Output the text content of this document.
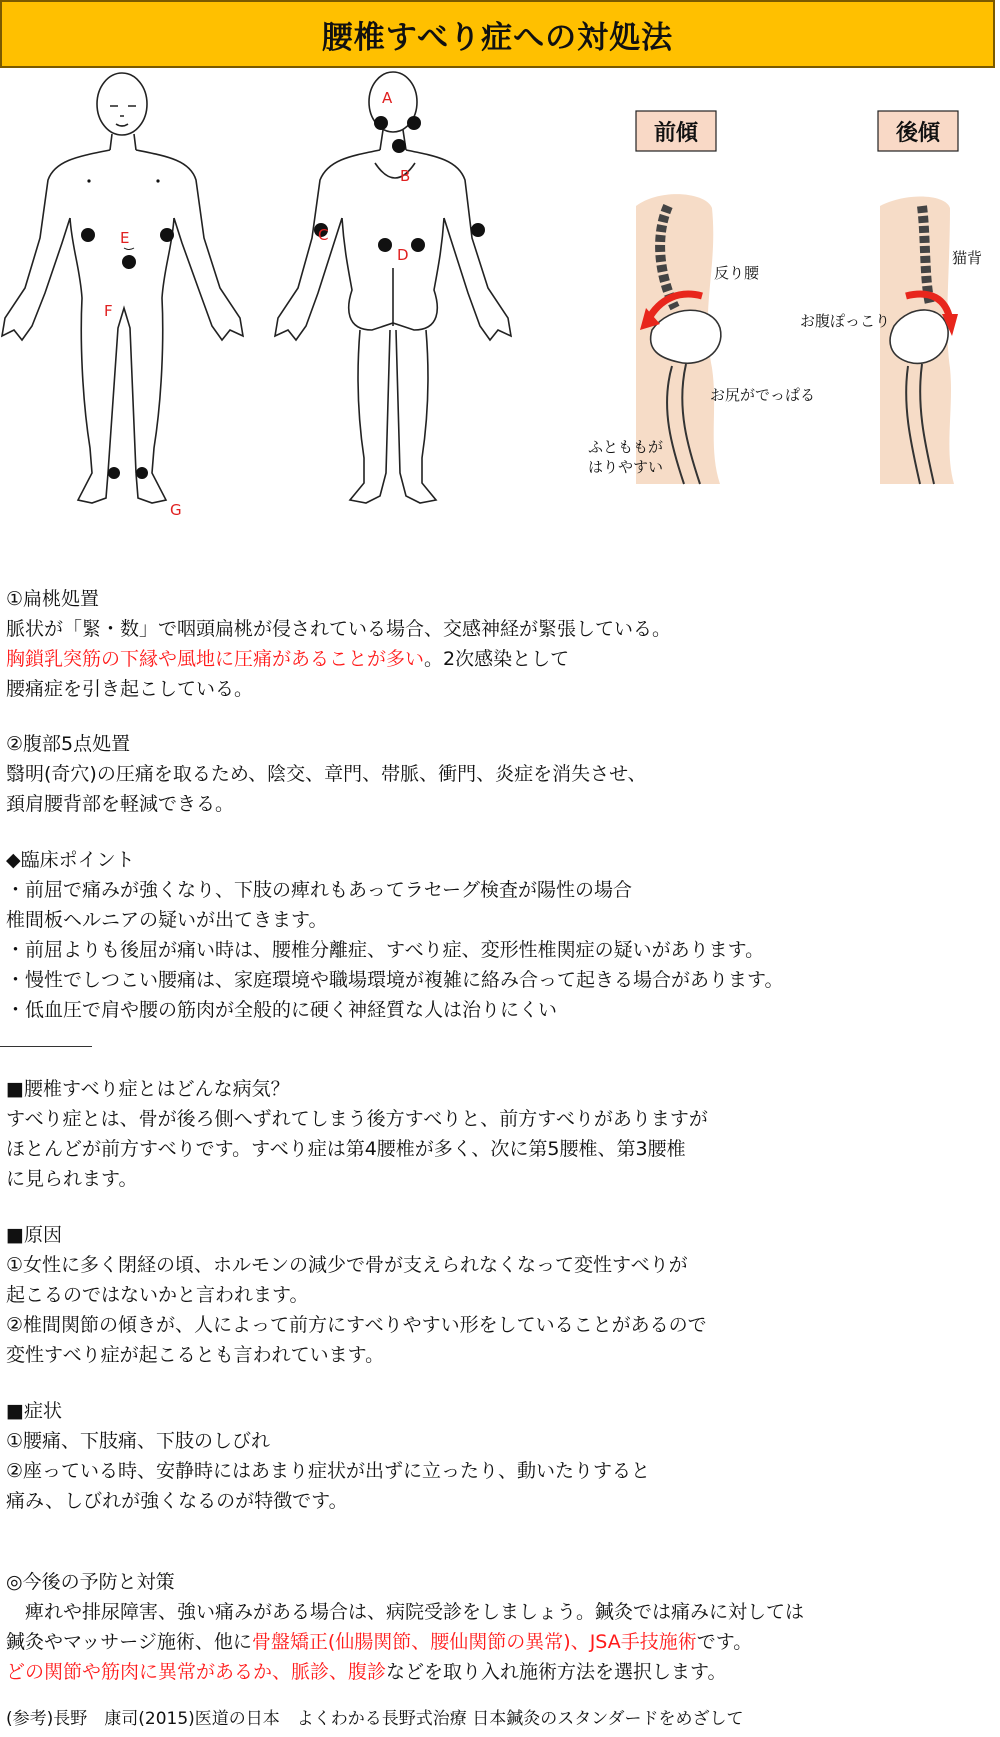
腰椎すべり症への対処法
E
F
G
A
B
C
D
前傾
反り腰
お尻がでっぱる
ふとももが
はりやすい
後傾
猫背
お腹ぽっこり

①扁桃処置

脈状が「緊・数」で咽頭扁桃が侵されている場合、交感神経が緊張している。

胸鎖乳突筋の下縁や風地に圧痛があることが多い。2次感染として

腰痛症を引き起こしている。

②腹部5点処置

翳明(奇穴)の圧痛を取るため、陰交、章門、帯脈、衝門、炎症を消失させ、

頚肩腰背部を軽減できる。

◆臨床ポイント

・前屈で痛みが強くなり、下肢の痺れもあってラセーグ検査が陽性の場合

椎間板ヘルニアの疑いが出てきます。

・前屈よりも後屈が痛い時は、腰椎分離症、すべり症、変形性椎関症の疑いがあります。

・慢性でしつこい腰痛は、家庭環境や職場環境が複雑に絡み合って起きる場合があります。

・低血圧で肩や腰の筋肉が全般的に硬く神経質な人は治りにくい

■腰椎すべり症とはどんな病気？

すべり症とは、骨が後ろ側へずれてしまう後方すべりと、前方すべりがありますが

ほとんどが前方すべりです。すべり症は第4腰椎が多く、次に第5腰椎、第3腰椎

に見られます。

■原因

①女性に多く閉経の頃、ホルモンの減少で骨が支えられなくなって変性すべりが

起こるのではないかと言われます。

②椎間関節の傾きが、人によって前方にすべりやすい形をしていることがあるので

変性すべり症が起こるとも言われています。

■症状

①腰痛、下肢痛、下肢のしびれ

②座っている時、安静時にはあまり症状が出ずに立ったり、動いたりすると

痛み、しびれが強くなるのが特徴です。

◎今後の予防と対策

　痺れや排尿障害、強い痛みがある場合は、病院受診をしましょう。鍼灸では痛みに対しては

鍼灸やマッサージ施術、他に骨盤矯正(仙腸関節、腰仙関節の異常)、JSA手技施術です。

どの関節や筋肉に異常があるか、脈診、腹診などを取り入れ施術方法を選択します。

(参考)長野　康司(2015)医道の日本　よくわかる長野式治療 日本鍼灸のスタンダードをめざして
